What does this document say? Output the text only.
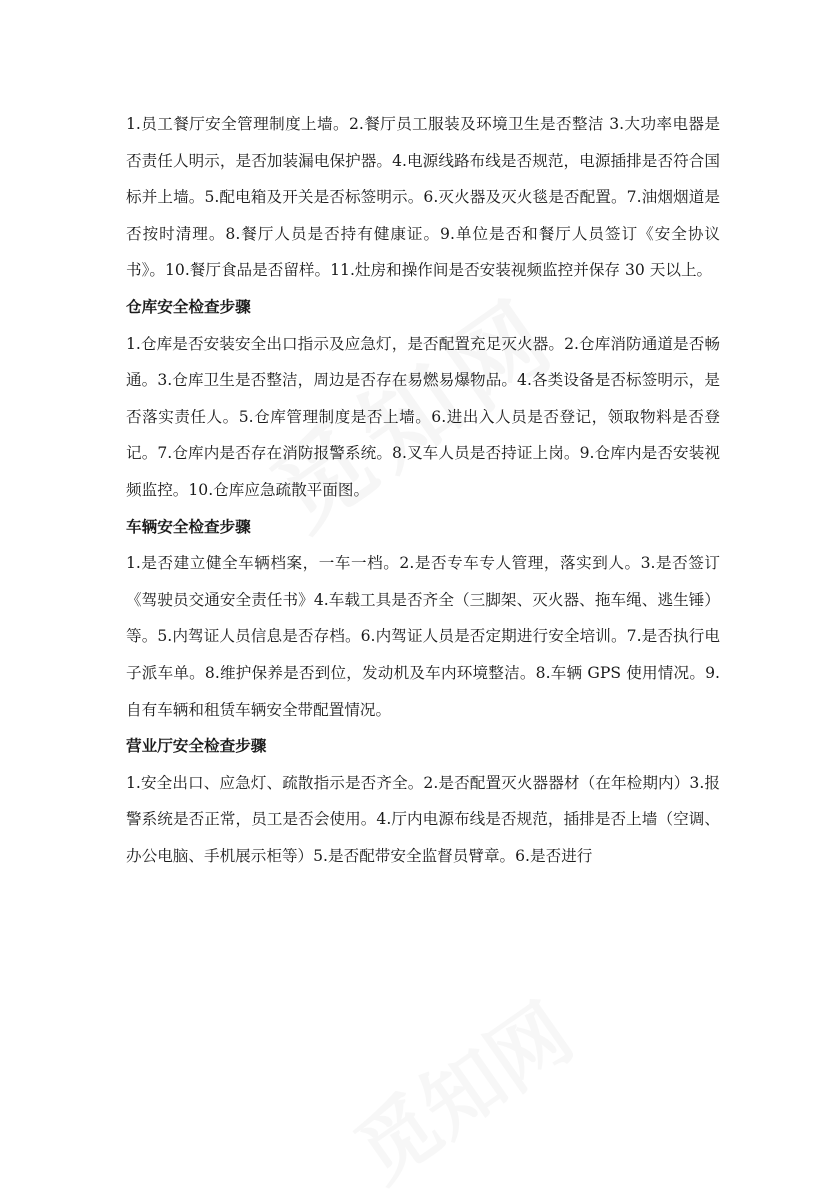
1.员工餐厅安全管理制度上墙。2.餐厅员工服装及环境卫生是否整洁 3.大功率电器是否责任人明示，是否加装漏电保护器。4.电源线路布线是否规范，电源插排是否符合国标并上墙。5.配电箱及开关是否标签明示。6.灭火器及灭火毯是否配置。7.油烟烟道是否按时清理。8.餐厅人员是否持有健康证。9.单位是否和餐厅人员签订《安全协议书》。10.餐厅食品是否留样。11.灶房和操作间是否安装视频监控并保存 30 天以上。

仓库安全检查步骤

1.仓库是否安装安全出口指示及应急灯，是否配置充足灭火器。2.仓库消防通道是否畅通。3.仓库卫生是否整洁，周边是否存在易燃易爆物品。4.各类设备是否标签明示，是否落实责任人。5.仓库管理制度是否上墙。6.进出入人员是否登记，领取物料是否登记。7.仓库内是否存在消防报警系统。8.叉车人员是否持证上岗。9.仓库内是否安装视频监控。10.仓库应急疏散平面图。

车辆安全检查步骤

1.是否建立健全车辆档案，一车一档。2.是否专车专人管理，落实到人。3.是否签订《驾驶员交通安全责任书》4.车载工具是否齐全（三脚架、灭火器、拖车绳、逃生锤）等。5.内驾证人员信息是否存档。6.内驾证人员是否定期进行安全培训。7.是否执行电子派车单。8.维护保养是否到位，发动机及车内环境整洁。8.车辆 GPS 使用情况。9.自有车辆和租赁车辆安全带配置情况。

营业厅安全检查步骤

1.安全出口、应急灯、疏散指示是否齐全。2.是否配置灭火器器材（在年检期内）3.报警系统是否正常，员工是否会使用。4.厅内电源布线是否规范，插排是否上墙（空调、办公电脑、手机展示柜等）5.是否配带安全监督员臂章。6.是否进行
